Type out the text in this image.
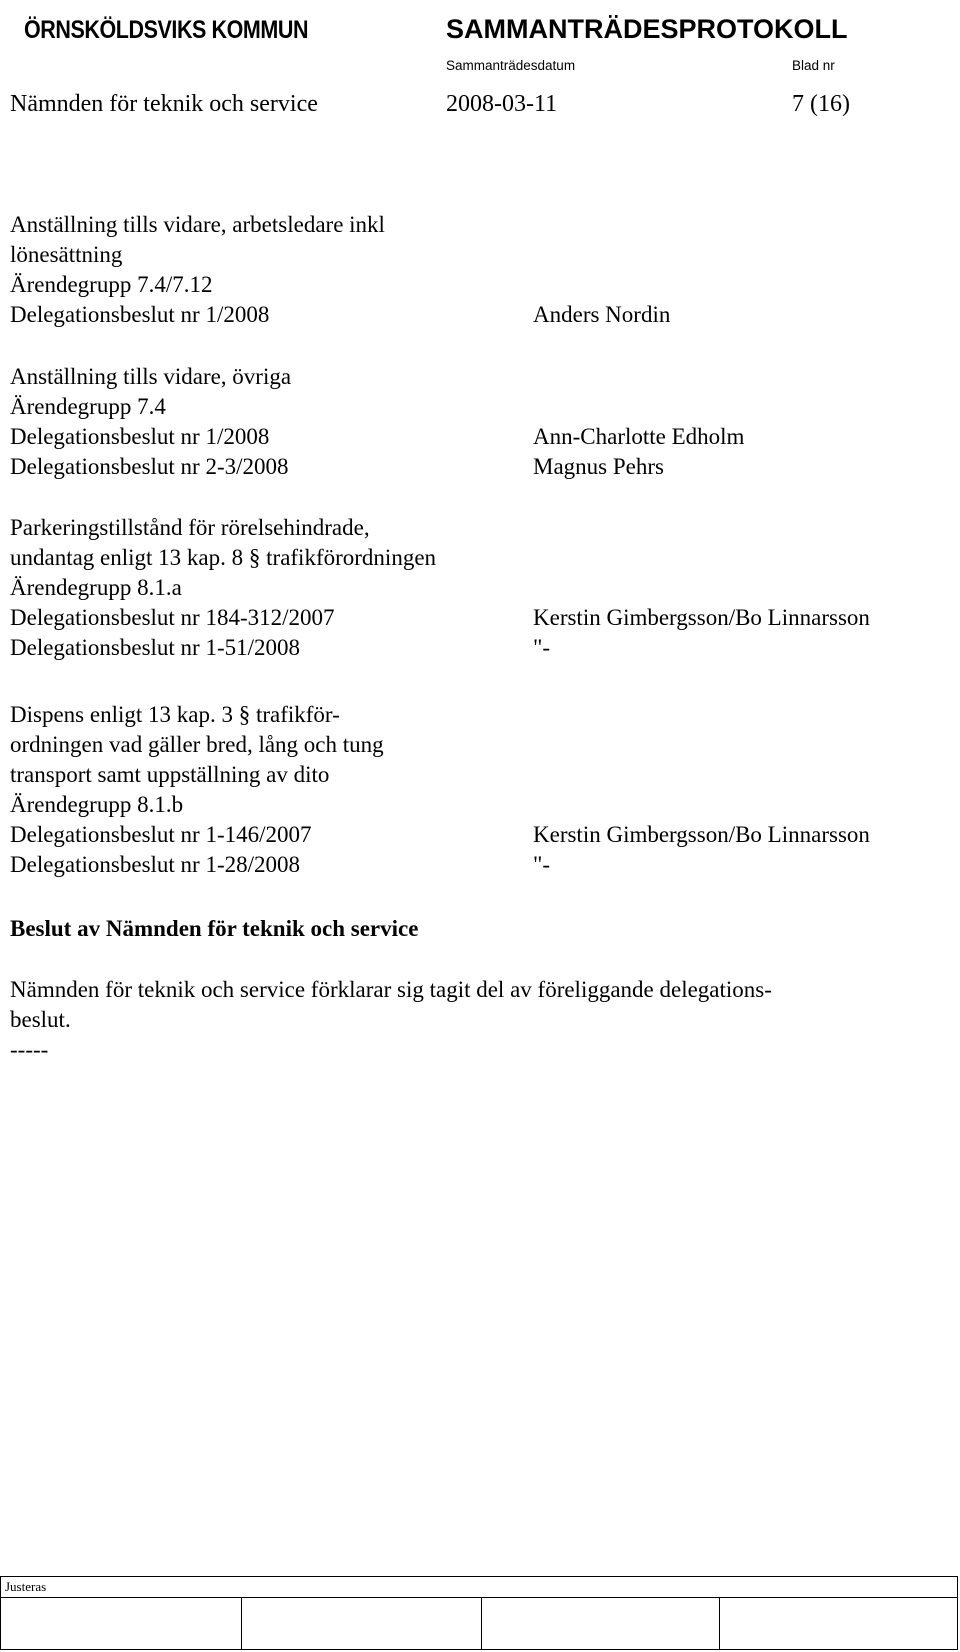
ÖRNSKÖLDSVIKS KOMMUN	SAMMANTRÄDESPROTOKOLL
Sammanträdesdatum	Blad nr
Nämnden för teknik och service	2008-03-11	7 (16)
Anställning tills vidare, arbetsledare inkl
lönesättning
Ärendegrupp 7.4/7.12
Delegationsbeslut nr 1/2008	Anders Nordin
Anställning tills vidare, övriga
Ärendegrupp 7.4
Delegationsbeslut nr 1/2008	Ann-Charlotte Edholm
Delegationsbeslut nr 2-3/2008	Magnus Pehrs
Parkeringstillstånd för rörelsehindrade,
undantag enligt 13 kap. 8 § trafikförordningen
Ärendegrupp 8.1.a
Delegationsbeslut nr 184-312/2007	Kerstin Gimbergsson/Bo Linnarsson
Delegationsbeslut nr 1-51/2008	"-
Dispens enligt 13 kap. 3 § trafikför-
ordningen vad gäller bred, lång och tung
transport samt uppställning av dito
Ärendegrupp 8.1.b
Delegationsbeslut nr 1-146/2007	Kerstin Gimbergsson/Bo Linnarsson
Delegationsbeslut nr 1-28/2008	"-
Beslut av Nämnden för teknik och service
Nämnden för teknik och service förklarar sig tagit del av föreliggande delegations-
beslut.
-----
Justeras
